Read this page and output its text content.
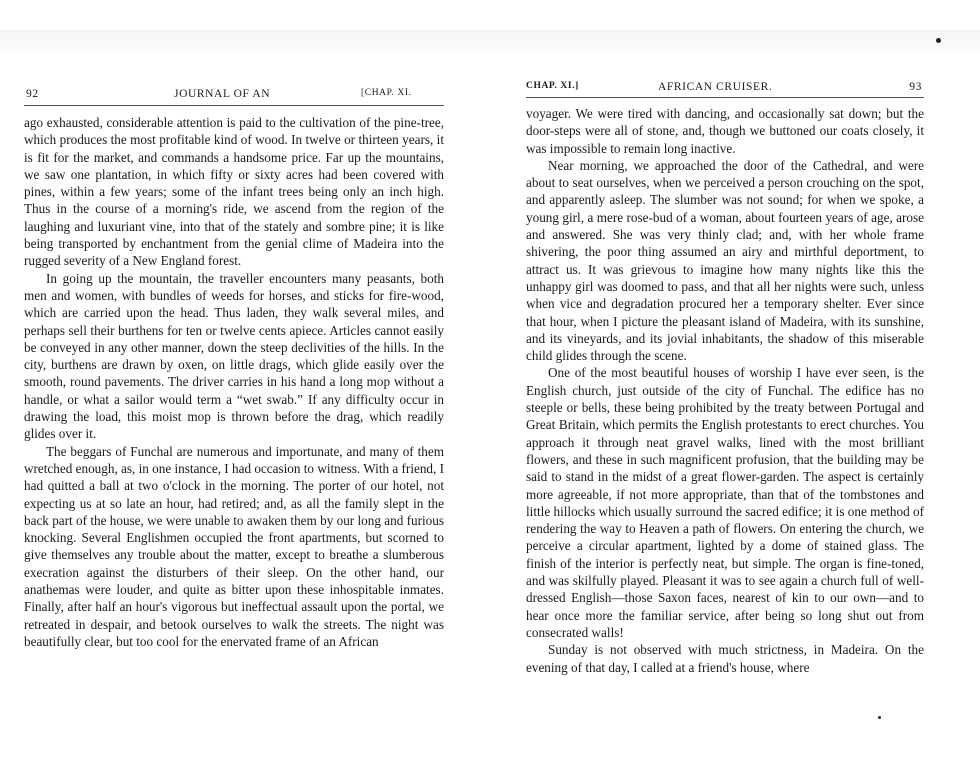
92	JOURNAL OF AN	[CHAP. XI.

ago exhausted, considerable attention is paid to the cultivation of the pine-tree, which produces the most profitable kind of wood. In twelve or thirteen years, it is fit for the market, and commands a handsome price. Far up the mountains, we saw one plantation, in which fifty or sixty acres had been covered with pines, within a few years; some of the infant trees being only an inch high. Thus in the course of a morning's ride, we ascend from the region of the laughing and luxuriant vine, into that of the stately and sombre pine; it is like being transported by enchantment from the genial clime of Madeira into the rugged severity of a New England forest.

In going up the mountain, the traveller encounters many peasants, both men and women, with bundles of weeds for horses, and sticks for fire-wood, which are carried upon the head. Thus laden, they walk several miles, and perhaps sell their burthens for ten or twelve cents apiece. Articles cannot easily be conveyed in any other manner, down the steep declivities of the hills. In the city, burthens are drawn by oxen, on little drags, which glide easily over the smooth, round pavements. The driver carries in his hand a long mop without a handle, or what a sailor would term a “wet swab.” If any difficulty occur in drawing the load, this moist mop is thrown before the drag, which readily glides over it.

The beggars of Funchal are numerous and importunate, and many of them wretched enough, as, in one instance, I had occasion to witness. With a friend, I had quitted a ball at two o'clock in the morning. The porter of our hotel, not expecting us at so late an hour, had retired; and, as all the family slept in the back part of the house, we were unable to awaken them by our long and furious knocking. Several Englishmen occupied the front apartments, but scorned to give themselves any trouble about the matter, except to breathe a slumberous execration against the disturbers of their sleep. On the other hand, our anathemas were louder, and quite as bitter upon these inhospitable inmates. Finally, after half an hour's vigorous but ineffectual assault upon the portal, we retreated in despair, and betook ourselves to walk the streets. The night was beautifully clear, but too cool for the enervated frame of an African

CHAP. XI.]	AFRICAN CRUISER.	93

voyager. We were tired with dancing, and occasionally sat down; but the door-steps were all of stone, and, though we buttoned our coats closely, it was impossible to remain long inactive.

Near morning, we approached the door of the Cathedral, and were about to seat ourselves, when we perceived a person crouching on the spot, and apparently asleep. The slumber was not sound; for when we spoke, a young girl, a mere rose-bud of a woman, about fourteen years of age, arose and answered. She was very thinly clad; and, with her whole frame shivering, the poor thing assumed an airy and mirthful deportment, to attract us. It was grievous to imagine how many nights like this the unhappy girl was doomed to pass, and that all her nights were such, unless when vice and degradation procured her a temporary shelter. Ever since that hour, when I picture the pleasant island of Madeira, with its sunshine, and its vineyards, and its jovial inhabitants, the shadow of this miserable child glides through the scene.

One of the most beautiful houses of worship I have ever seen, is the English church, just outside of the city of Funchal. The edifice has no steeple or bells, these being prohibited by the treaty between Portugal and Great Britain, which permits the English protestants to erect churches. You approach it through neat gravel walks, lined with the most brilliant flowers, and these in such magnificent profusion, that the building may be said to stand in the midst of a great flower-garden. The aspect is certainly more agreeable, if not more appropriate, than that of the tombstones and little hillocks which usually surround the sacred edifice; it is one method of rendering the way to Heaven a path of flowers. On entering the church, we perceive a circular apartment, lighted by a dome of stained glass. The finish of the interior is perfectly neat, but simple. The organ is fine-toned, and was skilfully played. Pleasant it was to see again a church full of well-dressed English—those Saxon faces, nearest of kin to our own—and to hear once more the familiar service, after being so long shut out from consecrated walls!

Sunday is not observed with much strictness, in Madeira. On the evening of that day, I called at a friend's house, where
